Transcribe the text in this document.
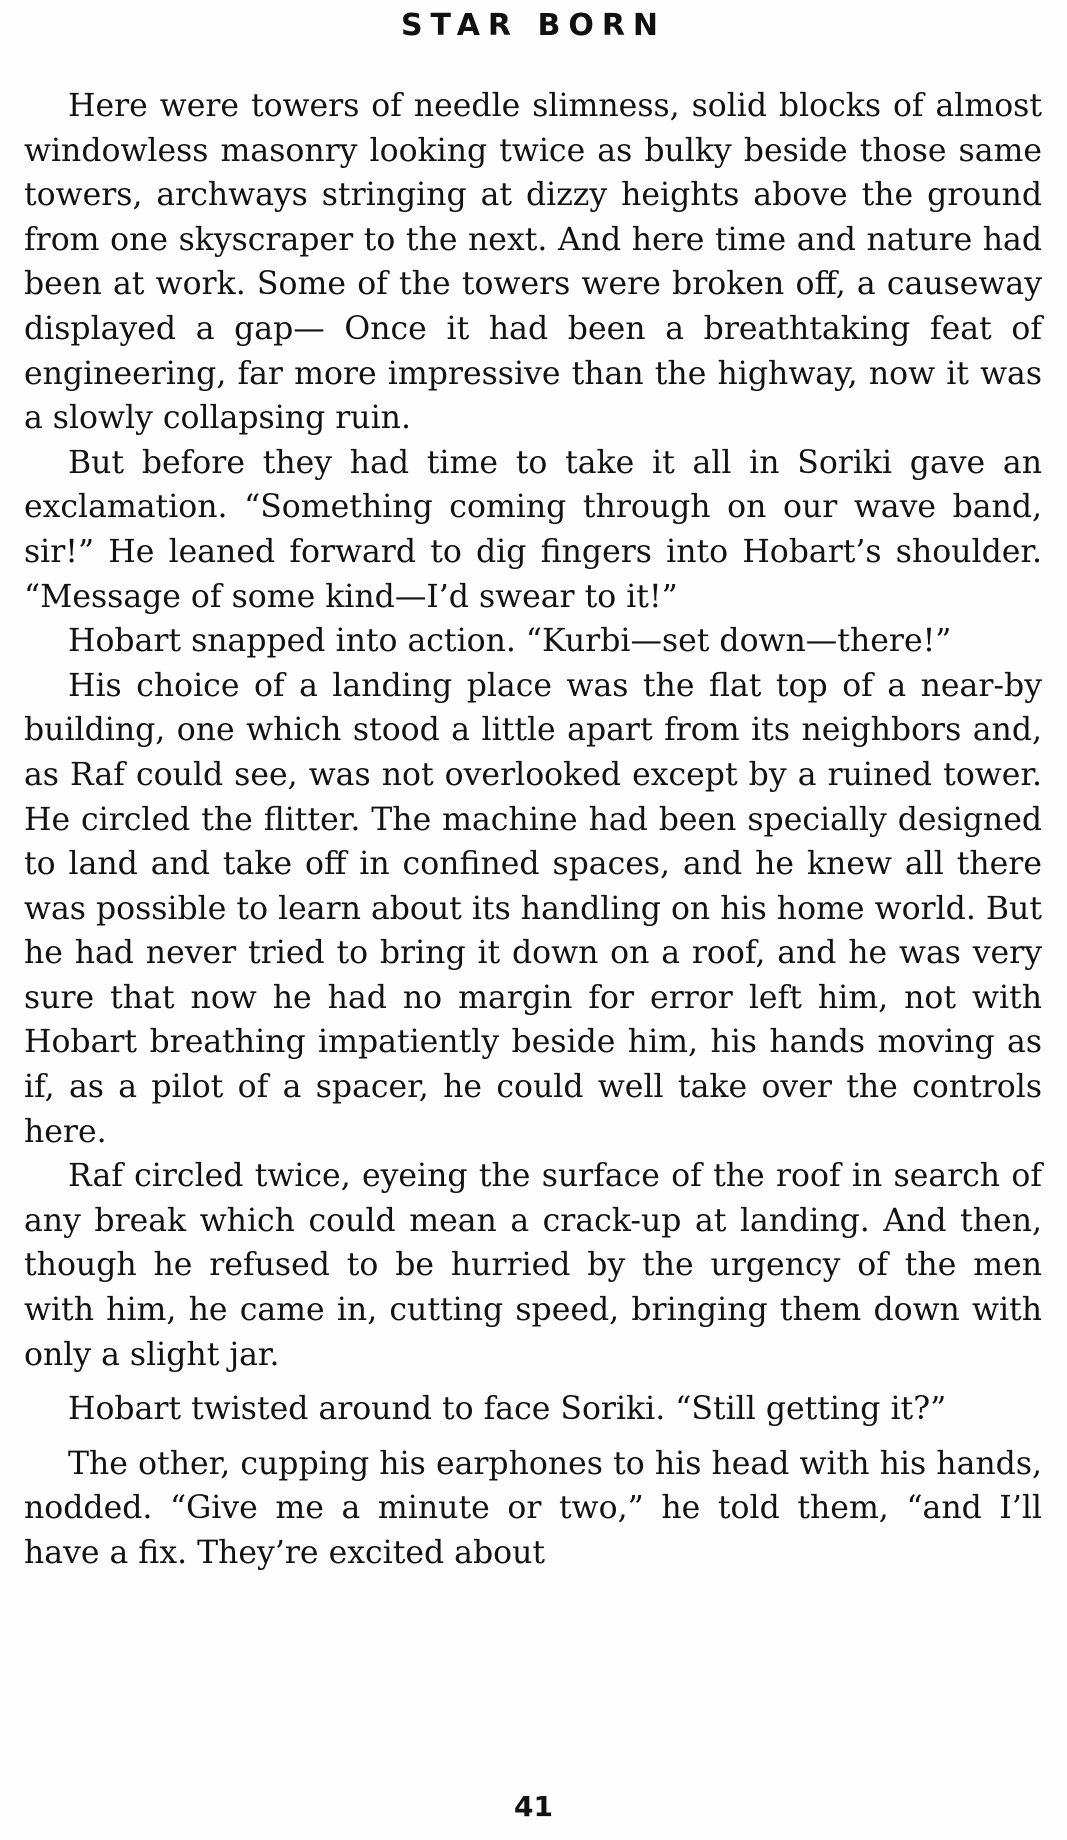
STAR BORN

Here were towers of needle slimness, solid blocks of almost windowless masonry looking twice as bulky beside those same towers, archways stringing at dizzy heights above the ground from one skyscraper to the next. And here time and nature had been at work. Some of the towers were broken off, a causeway displayed a gap— Once it had been a breathtaking feat of engineering, far more impressive than the highway, now it was a slowly collapsing ruin.

But before they had time to take it all in Soriki gave an exclamation. “Something coming through on our wave band, sir!” He leaned forward to dig fingers into Hobart’s shoulder. “Message of some kind—I’d swear to it!”

Hobart snapped into action. “Kurbi—set down—there!”

His choice of a landing place was the flat top of a near-by building, one which stood a little apart from its neighbors and, as Raf could see, was not overlooked except by a ruined tower. He circled the flitter. The machine had been specially designed to land and take off in confined spaces, and he knew all there was possible to learn about its handling on his home world. But he had never tried to bring it down on a roof, and he was very sure that now he had no margin for error left him, not with Hobart breathing impatiently beside him, his hands moving as if, as a pilot of a spacer, he could well take over the controls here.

Raf circled twice, eyeing the surface of the roof in search of any break which could mean a crack-up at landing. And then, though he refused to be hurried by the urgency of the men with him, he came in, cutting speed, bringing them down with only a slight jar.

Hobart twisted around to face Soriki. “Still getting it?”

The other, cupping his earphones to his head with his hands, nodded. “Give me a minute or two,” he told them, “and I’ll have a fix. They’re excited about

41
